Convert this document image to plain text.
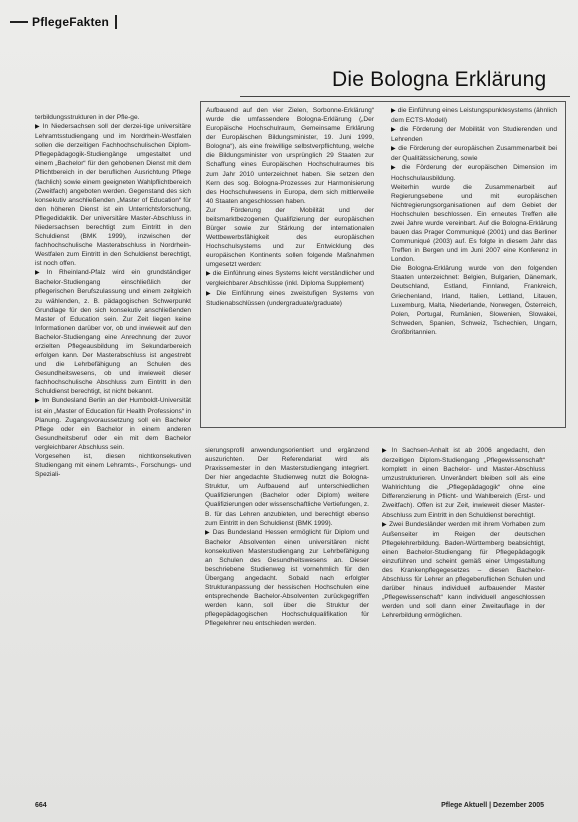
PflegeFakten
Die Bologna Erklärung

terbildungsstrukturen in der Pfle-ge.

▶ In Niedersachsen soll der derzei-tige universitäre Lehramtsstudiengang und im Nordrhein-Westfalen sollen die derzeitigen Fachhochschulischen Diplom-Pflegepädagogik-Studiengänge umgestaltet und einem „Bachelor“ für den gehobenen Dienst mit dem Pflichtbereich in der beruflichen Ausrichtung Pflege (fachlich) sowie einem geeigneten Wahlpflichtbereich (Zweitfach) angeboten werden. Gegenstand des sich konsekutiv anschließenden „Master of Education“ für den höheren Dienst ist ein Unterrichtsforschung, Pflegedidaktik. Der universitäre Master-Abschluss in Niedersachsen berechtigt zum Eintritt in den Schuldienst (BMK 1999), inzwischen der fachhochschulische Masterabschluss in Nordrhein-Westfalen zum Eintritt in den Schuldienst berechtigt, ist noch offen.

▶ In Rheinland-Pfalz wird ein grundständiger Bachelor-Studiengang einschließlich der pflegerischen Berufszulassung und einem zeitgleich zu wählenden, z. B. pädagogischen Schwerpunkt Grundlage für den sich konsekutiv anschließenden Master of Education sein. Zur Zeit liegen keine Informationen darüber vor, ob und inwieweit auf den Bachelor-Studiengang eine Anrechnung der zuvor erzielten Pflegeausbildung im Sekundarbereich erfolgen kann. Der Masterabschluss ist angestrebt und die Lehrbefähigung an Schulen des Gesundheitswesens, ob und inwieweit dieser fachhochschulische Abschluss zum Eintritt in den Schuldienst berechtigt, ist nicht bekannt.

▶ Im Bundesland Berlin an der Humboldt-Universität ist ein „Master of Education für Health Professions“ in Planung. Zugangsvoraussetzung soll ein Bachelor Pflege oder ein Bachelor in einem anderen Gesundheitsberuf oder ein mit dem Bachelor vergleichbarer Abschluss sein.

Vorgesehen ist, diesen nichtkonsekutiven Studiengang mit einem Lehramts-, Forschungs- und Speziali-

Aufbauend auf den vier Zielen, Sorbonne-Erklärung“ wurde die umfassendere Bologna-Erklärung („Der Europäische Hochschulraum, Gemeinsame Erklärung der Europäischen Bildungsminister, 19. Juni 1999, Bologna“), als eine freiwillige selbstverpflichtung, welche die Bildungsminister von ursprünglich 29 Staaten zur Schaffung eines Europäischen Hochschulraumes bis zum Jahr 2010 unterzeichnet haben. Sie setzen den Kern des sog. Bologna-Prozesses zur Harmonisierung des Hochschulwesens in Europa, dem sich mittlerweile 40 Staaten angeschlossen haben.

Zur Förderung der Mobilität und der beitsmarktbezogenen Qualifizierung der europäischen Bürger sowie zur Stärkung der internationalen Wettbewerbsfähigkeit des europäischen Hochschulsystems und zur Entwicklung des europäischen Kontinents sollen folgende Maßnahmen umgesetzt werden:

▶ die Einführung eines Systems leicht verständlicher und vergleichbarer Abschlüsse (inkl. Diploma Supplement)

▶ Die Einführung eines zweistufigen Systems von Studienabschlüssen (undergraduate/graduate)

▶ die Einführung eines Leistungspunktesystems (ähnlich dem ECTS-Modell)

▶ die Förderung der Mobilität von Studierenden und Lehrenden

▶ die Förderung der europäischen Zusammenarbeit bei der Qualitätssicherung, sowie

▶ die Förderung der europäischen Dimension im Hochschulausbildung.

Weiterhin wurde die Zusammenarbeit auf Regierungsebene und mit europäischen Nichtregierungsorganisationen auf dem Gebiet der Hochschulen beschlossen. Ein erneutes Treffen alle zwei Jahre wurde vereinbart. Auf die Bologna-Erklärung bauen das Prager Communiqué (2001) und das Berliner Communiqué (2003) auf. Es folgte in diesem Jahr das Treffen in Bergen und im Juni 2007 eine Konferenz in London.

Die Bologna-Erklärung wurde von den folgenden Staaten unterzeichnet: Belgien, Bulgarien, Dänemark, Deutschland, Estland, Finnland, Frankreich, Griechenland, Irland, Italien, Lettland, Litauen, Luxemburg, Malta, Niederlande, Norwegen, Österreich, Polen, Portugal, Rumänien, Slowenien, Slowakei, Schweden, Spanien, Schweiz, Tschechien, Ungarn, Großbritannien.

sierungsprofil anwendungsorientiert und ergänzend auszurichten. Der Referendariat wird als Praxissemester in den Masterstudiengang integriert. Der hier angedachte Studienweg nutzt die Bologna-Struktur, um Aufbauend auf unterschiedlichen Qualifizierungen (Bachelor oder Diplom) weitere Qualifizierungen oder wissenschaftliche Vertiefungen, z. B. für das Lehren anzubieten, und berechtigt ebenso zum Eintritt in den Schuldienst (BMK 1999).

▶ Das Bundesland Hessen ermöglicht für Diplom und Bachelor Absolventen einen universitären nicht konsekutiven Masterstudiengang zur Lehrbefähigung an Schulen des Gesundheitswesens an. Dieser beschriebene Studienweg ist vornehmlich für den Übergang angedacht. Sobald nach erfolgter Strukturanpassung der hessischen Hochschulen eine entsprechende Bachelor-Absolventen zurückgegriffen werden kann, soll über die Struktur der pflegepädagogischen Hochschulqualifikation für Pflegelehrer neu entschieden werden.

▶ In Sachsen-Anhalt ist ab 2006 angedacht, den derzeitigen Diplom-Studiengang „Pflegewissenschaft“ komplett in einen Bachelor- und Master-Abschluss umzustrukturieren. Unverändert bleiben soll als eine Wahlrichtung die „Pflegepädagogik“ ohne eine Differenzierung in Pflicht- und Wahlbereich (Erst- und Zweitfach). Offen ist zur Zeit, inwieweit dieser Master-Abschluss zum Eintritt in den Schuldienst berechtigt.

▶ Zwei Bundesländer werden mit ihrem Vorhaben zum Außenseiter im Reigen der deutschen Pflegelehrerbildung. Baden-Württemberg beabsichtigt, einen Bachelor-Studiengang für Pflegepädagogik einzuführen und scheint gemäß einer Umgestaltung des Krankenpflegegesetzes – diesen Bachelor-Abschluss für Lehrer an pflegeberuflichen Schulen und darüber hinaus individuell aufbauender Master „Pflegewissenschaft“ kann individuell angeschlossen werden und soll dann einer Zweitauflage in der Lehrerbildung ermöglichen.

664	Pflege Aktuell | Dezember 2005
